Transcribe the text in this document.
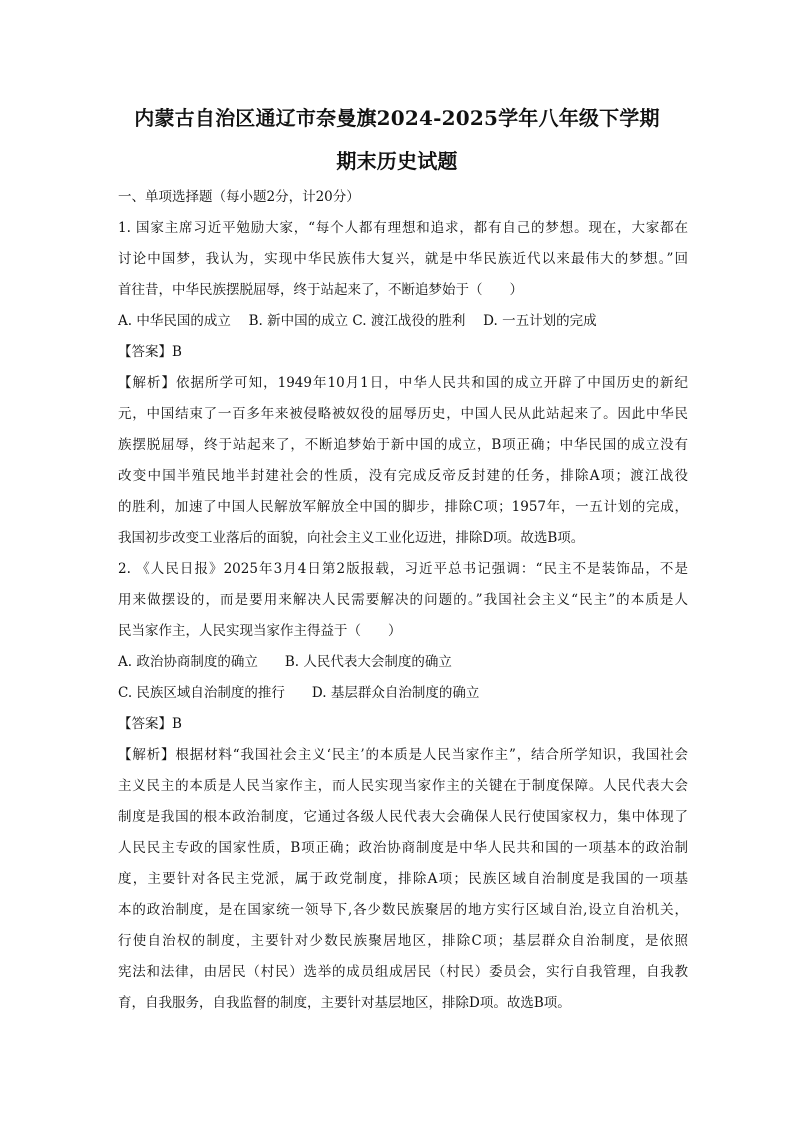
内蒙古自治区通辽市奈曼旗2024-2025学年八年级下学期
期末历史试题
一、单项选择题（每小题2分，计20分）
1. 国家主席习近平勉励大家，“每个人都有理想和追求，都有自己的梦想。现在，大家都在
讨论中国梦，我认为，实现中华民族伟大复兴，就是中华民族近代以来最伟大的梦想。”回
首往昔，中华民族摆脱屈辱，终于站起来了，不断追梦始于（　　）
A. 中华民国的成立　 B. 新中国的成立 C. 渡江战役的胜利　 D. 一五计划的完成
【答案】B
【解析】依据所学可知，1949年10月1日，中华人民共和国的成立开辟了中国历史的新纪
元，中国结束了一百多年来被侵略被奴役的屈辱历史，中国人民从此站起来了。因此中华民
族摆脱屈辱，终于站起来了，不断追梦始于新中国的成立，B项正确；中华民国的成立没有
改变中国半殖民地半封建社会的性质，没有完成反帝反封建的任务，排除A项；渡江战役
的胜利，加速了中国人民解放军解放全中国的脚步，排除C项；1957年，一五计划的完成，
我国初步改变工业落后的面貌，向社会主义工业化迈进，排除D项。故选B项。
2. 《人民日报》2025年3月4日第2版报载，习近平总书记强调：“民主不是装饰品，不是
用来做摆设的，而是要用来解决人民需要解决的问题的。”我国社会主义“民主”的本质是人
民当家作主，人民实现当家作主得益于（　　）
A. 政治协商制度的确立　　B. 人民代表大会制度的确立
C. 民族区域自治制度的推行　　D. 基层群众自治制度的确立
【答案】B
【解析】根据材料“我国社会主义‘民主’的本质是人民当家作主”，结合所学知识，我国社会
主义民主的本质是人民当家作主，而人民实现当家作主的关键在于制度保障。人民代表大会
制度是我国的根本政治制度，它通过各级人民代表大会确保人民行使国家权力，集中体现了
人民民主专政的国家性质，B项正确；政治协商制度是中华人民共和国的一项基本的政治制
度，主要针对各民主党派，属于政党制度，排除A项；民族区域自治制度是我国的一项基
本的政治制度，是在国家统一领导下,各少数民族聚居的地方实行区域自治,设立自治机关，
行使自治权的制度，主要针对少数民族聚居地区，排除C项；基层群众自治制度，是依照
宪法和法律，由居民（村民）选举的成员组成居民（村民）委员会，实行自我管理，自我教
育，自我服务，自我监督的制度，主要针对基层地区，排除D项。故选B项。
